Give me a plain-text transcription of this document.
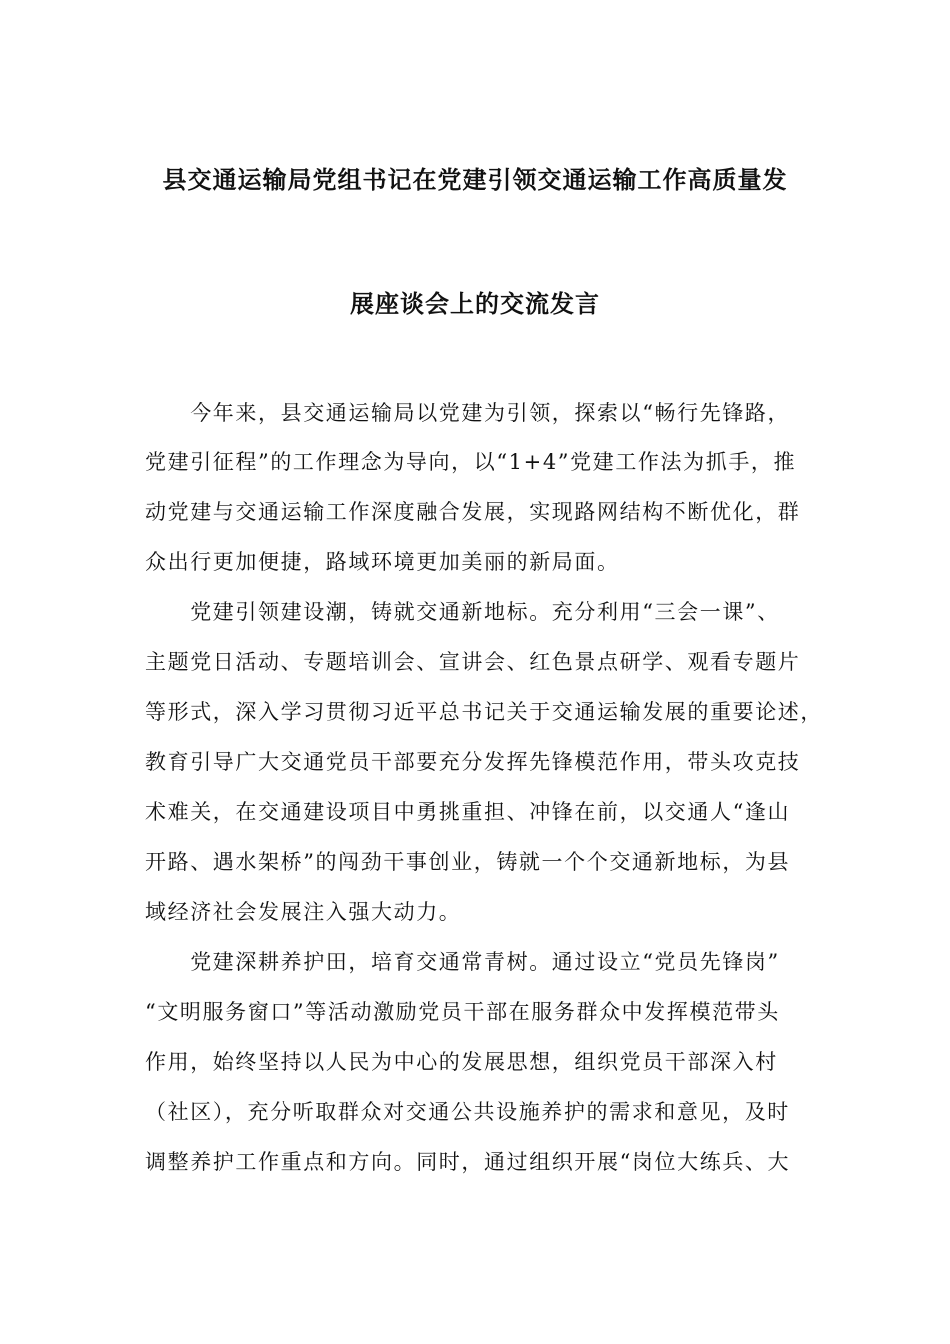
县交通运输局党组书记在党建引领交通运输工作高质量发
展座谈会上的交流发言

　　今年来，县交通运输局以党建为引领，探索以“畅行先锋路，

党建引征程”的工作理念为导向，以“1+4”党建工作法为抓手，推

动党建与交通运输工作深度融合发展，实现路网结构不断优化，群

众出行更加便捷，路域环境更加美丽的新局面。

　　党建引领建设潮，铸就交通新地标。充分利用“三会一课”、

主题党日活动、专题培训会、宣讲会、红色景点研学、观看专题片

等形式，深入学习贯彻习近平总书记关于交通运输发展的重要论述，

教育引导广大交通党员干部要充分发挥先锋模范作用，带头攻克技

术难关，在交通建设项目中勇挑重担、冲锋在前，以交通人“逢山

开路、遇水架桥”的闯劲干事创业，铸就一个个交通新地标，为县

域经济社会发展注入强大动力。

　　党建深耕养护田，培育交通常青树。通过设立“党员先锋岗”

“文明服务窗口”等活动激励党员干部在服务群众中发挥模范带头

作用，始终坚持以人民为中心的发展思想，组织党员干部深入村

（社区），充分听取群众对交通公共设施养护的需求和意见，及时

调整养护工作重点和方向。同时，通过组织开展“岗位大练兵、大
